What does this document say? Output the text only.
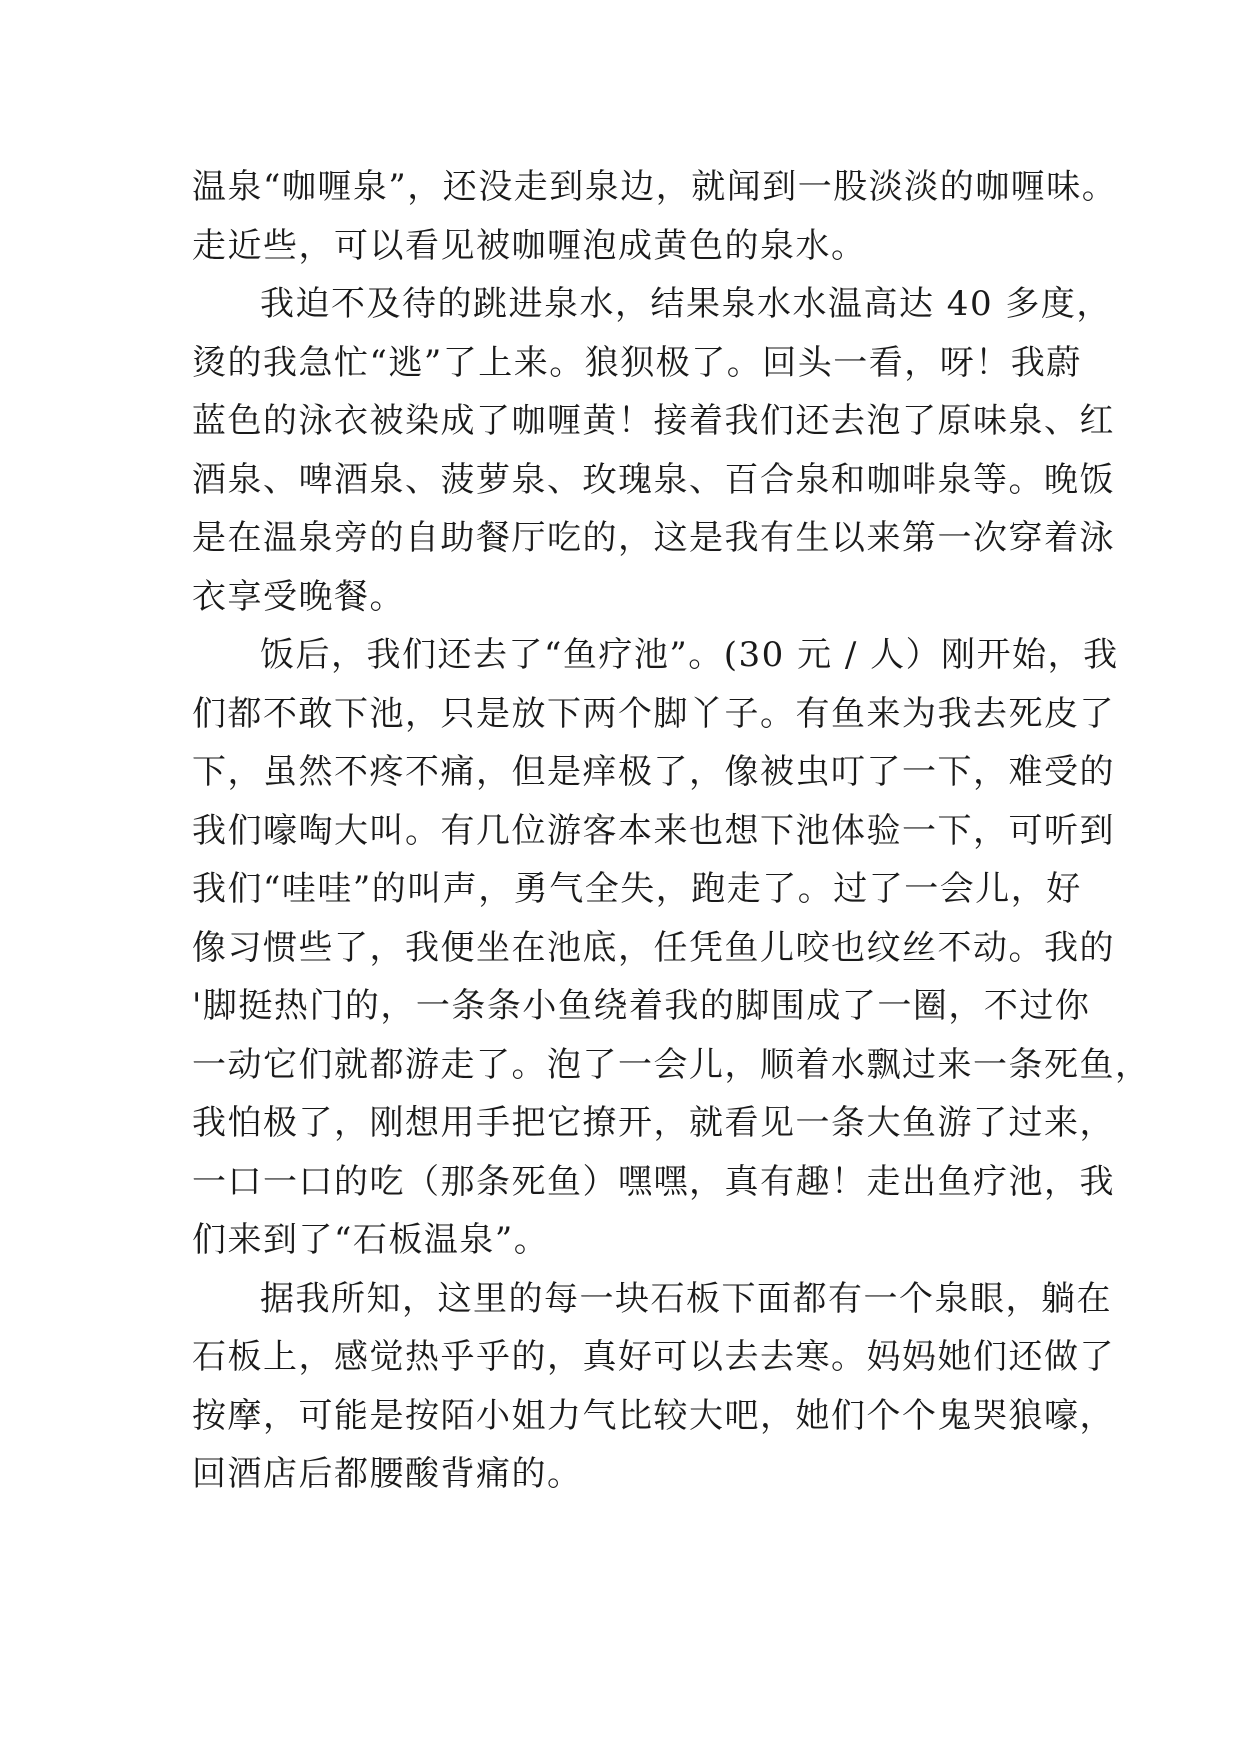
温泉“咖喱泉”，还没走到泉边，就闻到一股淡淡的咖喱味。
走近些，可以看见被咖喱泡成黄色的泉水。
我迫不及待的跳进泉水，结果泉水水温高达 40 多度，
烫的我急忙“逃”了上来。狼狈极了。回头一看，呀！我蔚
蓝色的泳衣被染成了咖喱黄！接着我们还去泡了原味泉、红
酒泉、啤酒泉、菠萝泉、玫瑰泉、百合泉和咖啡泉等。晚饭
是在温泉旁的自助餐厅吃的，这是我有生以来第一次穿着泳
衣享受晚餐。
饭后，我们还去了“鱼疗池”。(30 元 / 人）刚开始，我
们都不敢下池，只是放下两个脚丫子。有鱼来为我去死皮了
下，虽然不疼不痛，但是痒极了，像被虫叮了一下，难受的
我们嚎啕大叫。有几位游客本来也想下池体验一下，可听到
我们“哇哇”的叫声，勇气全失，跑走了。过了一会儿，好
像习惯些了，我便坐在池底，任凭鱼儿咬也纹丝不动。我的
'脚挺热门的，一条条小鱼绕着我的脚围成了一圈，不过你
一动它们就都游走了。泡了一会儿，顺着水飘过来一条死鱼，
我怕极了，刚想用手把它撩开，就看见一条大鱼游了过来，
一口一口的吃（那条死鱼）嘿嘿，真有趣！走出鱼疗池，我
们来到了“石板温泉”。
据我所知，这里的每一块石板下面都有一个泉眼，躺在
石板上，感觉热乎乎的，真好可以去去寒。妈妈她们还做了
按摩，可能是按陌小姐力气比较大吧，她们个个鬼哭狼嚎，
回酒店后都腰酸背痛的。
